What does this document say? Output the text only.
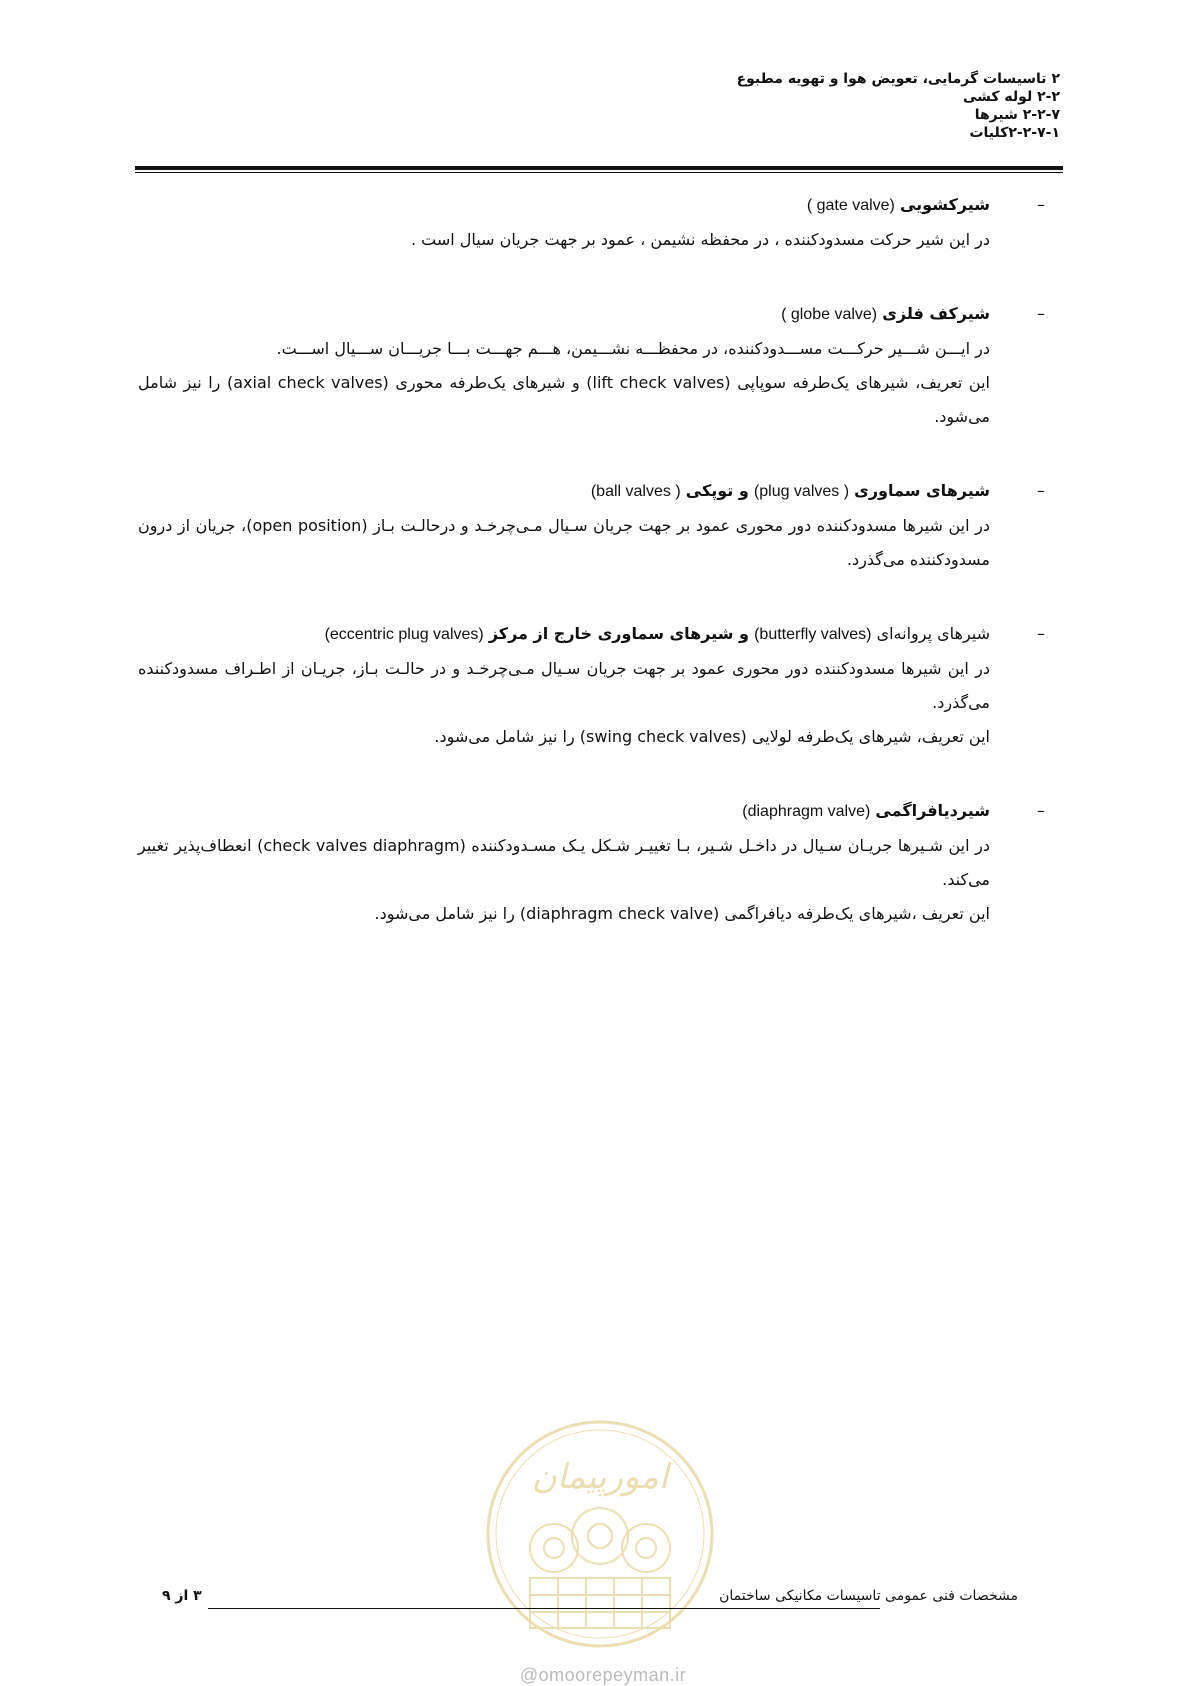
۲ تاسیسات گرمایی، تعویض هوا و تهویه مطبوع
۲-۲ لوله کشی
۲-۲-۷ شیرها
۲-۲-۷-۱کلیات
–
شیرکشویی ( gate valve)

در این شیر حرکت مسدودکننده ، در محفظه نشیمن ، عمود بر جهت جریان سیال است .

–
شیرکف فلزی ( globe valve)

در ایـــن شـــیر حرکـــت مســـدودکننده، در محفظـــه نشـــیمن، هـــم جهـــت بـــا جریـــان ســـیال اســـت.

این تعریف، شیرهای یک‌طرفه سوپاپی (lift check valves) و شیرهای یک‌طرفه محوری (axial check valves) را نیز شامل می‌شود.

–
شیرهای سماوری (plug valves ) و توپکی (ball valves )

در این شیرها مسدودکننده دور محوری عمود بر جهت جریان سـیال مـی‌چرخـد و درحالـت بـاز (open position)، جریان از درون مسدودکننده می‌گذرد.

–
شیرهای پروانه‌ای (butterfly valves) و شیرهای سماوری خارج از مرکز (eccentric plug valves)

در این شیرها مسدودکننده دور محوری عمود بر جهت جریان سـیال مـی‌چرخـد و در حالـت بـاز، جریـان از اطـراف مسدودکننده می‌گذرد.

این تعریف، شیرهای یک‌طرفه لولایی (swing check valves) را نیز شامل می‌شود.

–
شیردیافراگمی (diaphragm valve)

در این شـیرها جریـان سـیال در داخـل شـیر، بـا تغییـر شـکل یـک مسـدودکننده (check valves diaphragm) انعطاف‌پذیر تغییر می‌کند.

این تعریف ،شیرهای یک‌طرفه دیافراگمی (diaphragm check valve) را نیز شامل می‌شود.

امورپیمان
@omoorepeyman.ir
۳ از ۹	مشخصات فنی عمومی تاسیسات مکانیکی ساختمان
